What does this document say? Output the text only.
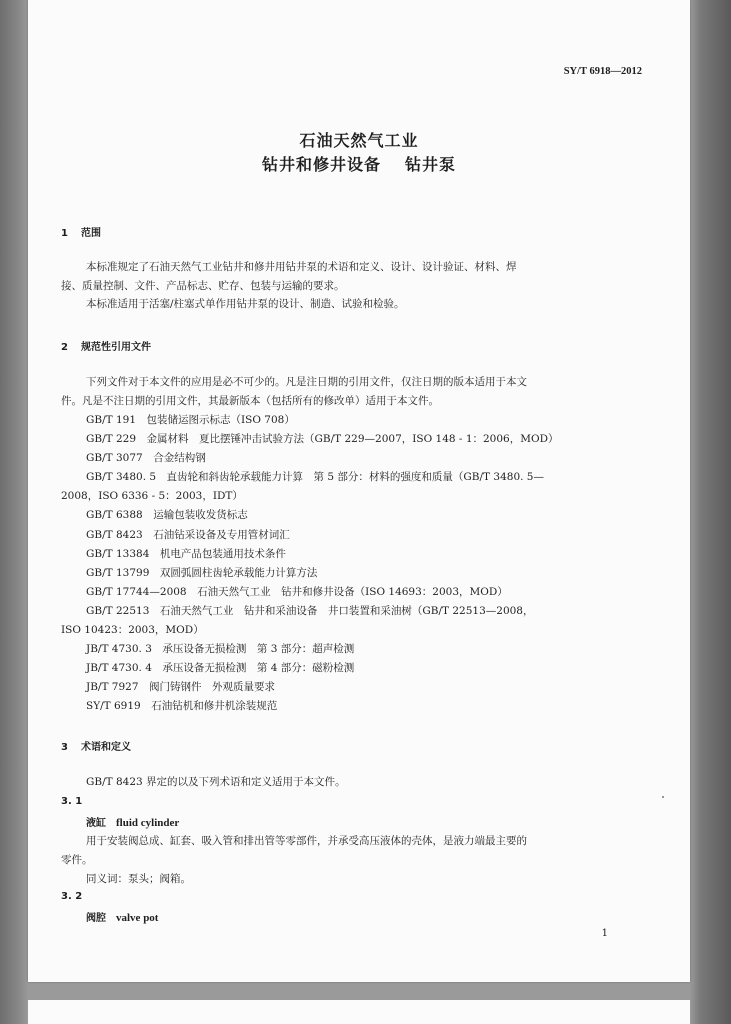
SY/T 6918—2012
石油天然气工业
钻井和修井设备 钻井泵
1 范围
本标准规定了石油天然气工业钻井和修井用钻井泵的术语和定义、设计、设计验证、材料、焊
接、质量控制、文件、产品标志、贮存、包装与运输的要求。
本标准适用于活塞/柱塞式单作用钻井泵的设计、制造、试验和检验。
2 规范性引用文件
下列文件对于本文件的应用是必不可少的。凡是注日期的引用文件，仅注日期的版本适用于本文
件。凡是不注日期的引用文件，其最新版本（包括所有的修改单）适用于本文件。
GB/T 191　包装储运图示标志（ISO 708）
GB/T 229　金属材料　夏比摆锤冲击试验方法（GB/T 229—2007，ISO 148 - 1：2006，MOD）
GB/T 3077　合金结构钢
GB/T 3480. 5　直齿轮和斜齿轮承载能力计算　第 5 部分：材料的强度和质量（GB/T 3480. 5—
2008，ISO 6336 - 5：2003，IDT）
GB/T 6388　运输包装收发货标志
GB/T 8423　石油钻采设备及专用管材词汇
GB/T 13384　机电产品包装通用技术条件
GB/T 13799　双圆弧圆柱齿轮承载能力计算方法
GB/T 17744—2008　石油天然气工业　钻井和修井设备（ISO 14693：2003，MOD）
GB/T 22513　石油天然气工业　钻井和采油设备　井口装置和采油树（GB/T 22513—2008，
ISO 10423：2003，MOD）
JB/T 4730. 3　承压设备无损检测　第 3 部分：超声检测
JB/T 4730. 4　承压设备无损检测　第 4 部分：磁粉检测
JB/T 7927　阀门铸钢件　外观质量要求
SY/T 6919　石油钻机和修井机涂装规范
3 术语和定义
GB/T 8423 界定的以及下列术语和定义适用于本文件。
3. 1
液缸 fluid cylinder
用于安装阀总成、缸套、吸入管和排出管等零部件，并承受高压液体的壳体，是液力端最主要的
零件。
同义词：泵头；阀箱。
3. 2
阀腔 valve pot
1
